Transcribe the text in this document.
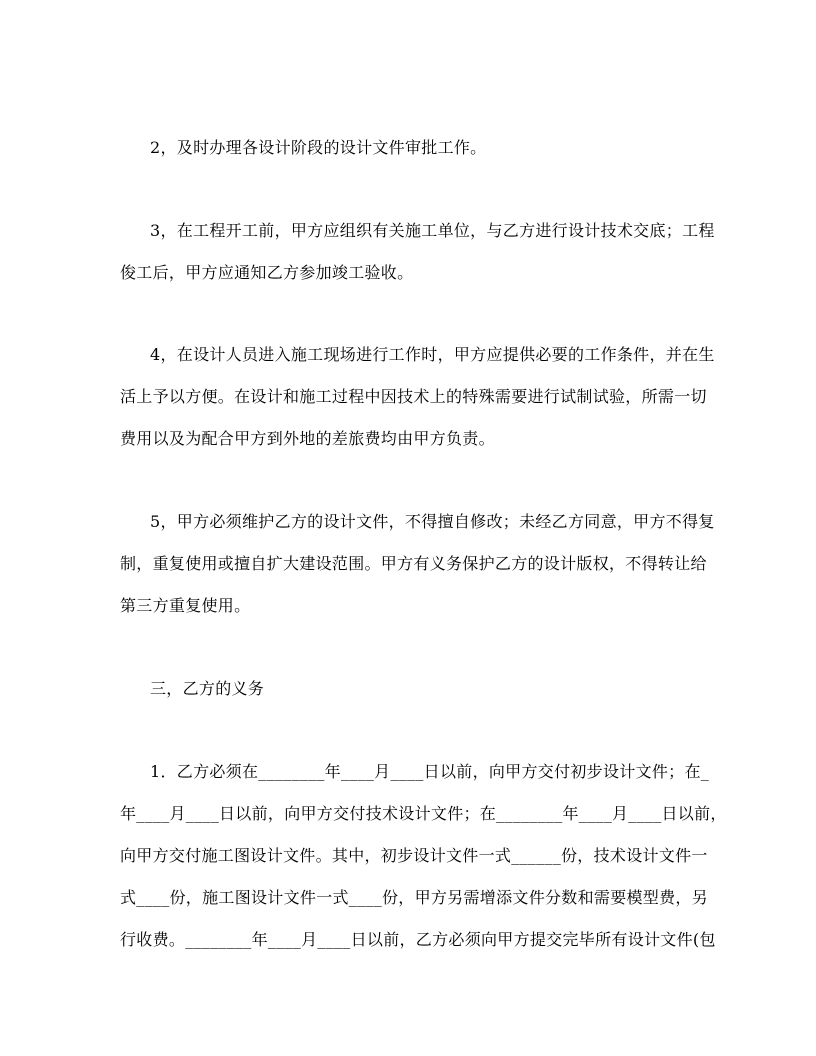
2，及时办理各设计阶段的设计文件审批工作。
3，在工程开工前，甲方应组织有关施工单位，与乙方进行设计技术交底；工程
俊工后，甲方应通知乙方参加竣工验收。
4，在设计人员进入施工现场进行工作时，甲方应提供必要的工作条件，并在生
活上予以方便。在设计和施工过程中因技术上的特殊需要进行试制试验，所需一切
费用以及为配合甲方到外地的差旅费均由甲方负责。
5，甲方必须维护乙方的设计文件，不得擅自修改；未经乙方同意，甲方不得复
制，重复使用或擅自扩大建设范围。甲方有义务保护乙方的设计版权，不得转让给
第三方重复使用。
三，乙方的义务
1．乙方必须在________年____月____日以前，向甲方交付初步设计文件；在_
年____月____日以前，向甲方交付技术设计文件；在________年____月____日以前，
向甲方交付施工图设计文件。其中，初步设计文件一式______份，技术设计文件一
式____份，施工图设计文件一式____份，甲方另需增添文件分数和需要模型费，另
行收费。________年____月____日以前，乙方必须向甲方提交完毕所有设计文件(包
